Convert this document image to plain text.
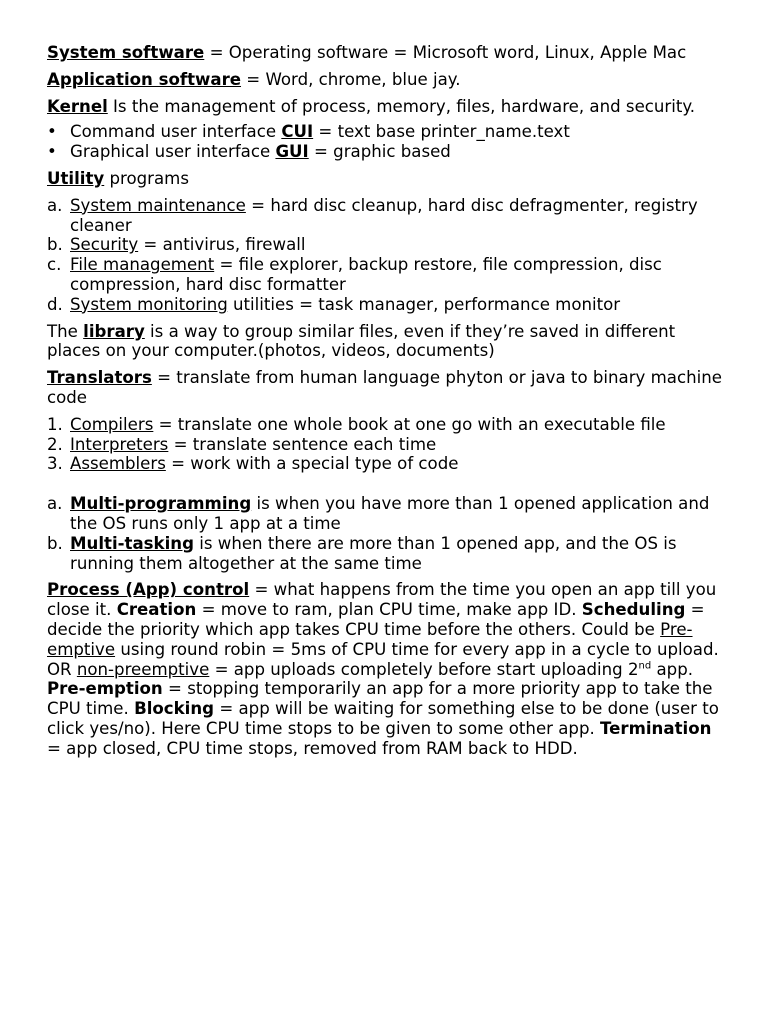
System software = Operating software = Microsoft word, Linux, Apple Mac

Application software = Word, chrome, blue jay.

Kernel Is the management of process, memory, files, hardware, and security.

• Command user interface CUI = text base printer_name.text
• Graphical user interface GUI = graphic based

Utility programs

a. System maintenance = hard disc cleanup, hard disc defragmenter, registry cleaner
b. Security = antivirus, firewall
c. File management = file explorer, backup restore, file compression, disc compression, hard disc formatter
d. System monitoring utilities = task manager, performance monitor

The library is a way to group similar files, even if they’re saved in different places on your computer.(photos, videos, documents)

Translators = translate from human language phyton or java to binary machine code

1. Compilers = translate one whole book at one go with an executable file
2. Interpreters = translate sentence each time
3. Assemblers = work with a special type of code
a. Multi-programming is when you have more than 1 opened application and the OS runs only 1 app at a time
b. Multi-tasking is when there are more than 1 opened app, and the OS is running them altogether at the same time

Process (App) control = what happens from the time you open an app till you close it. Creation = move to ram, plan CPU time, make app ID. Scheduling = decide the priority which app takes CPU time before the others. Could be Pre-emptive using round robin = 5ms of CPU time for every app in a cycle to upload. OR non-preemptive = app uploads completely before start uploading 2nd app. Pre-emption = stopping temporarily an app for a more priority app to take the CPU time. Blocking = app will be waiting for something else to be done (user to click yes/no). Here CPU time stops to be given to some other app. Termination = app closed, CPU time stops, removed from RAM back to HDD.
